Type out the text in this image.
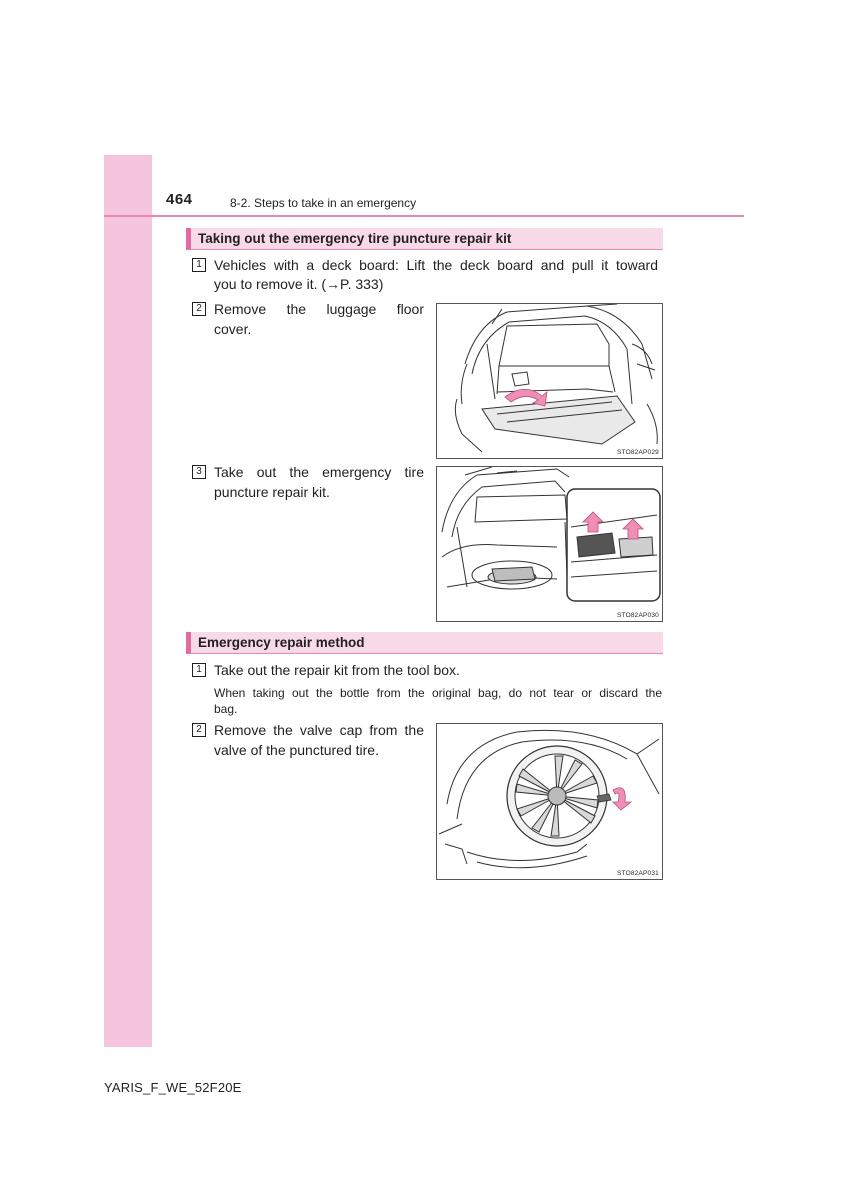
464	8-2. Steps to take in an emergency
Taking out the emergency tire puncture repair kit
1 Vehicles with a deck board: Lift the deck board and pull it toward
you to remove it. (→P. 333)
2 Remove the luggage floor
cover.
STO82AP029
3 Take out the emergency tire
puncture repair kit.
STO82AP030
Emergency repair method
1 Take out the repair kit from the tool box.
When taking out the bottle from the original bag, do not tear or discard the
bag.
2 Remove the valve cap from the
valve of the punctured tire.
STO82AP031
YARIS_F_WE_52F20E
